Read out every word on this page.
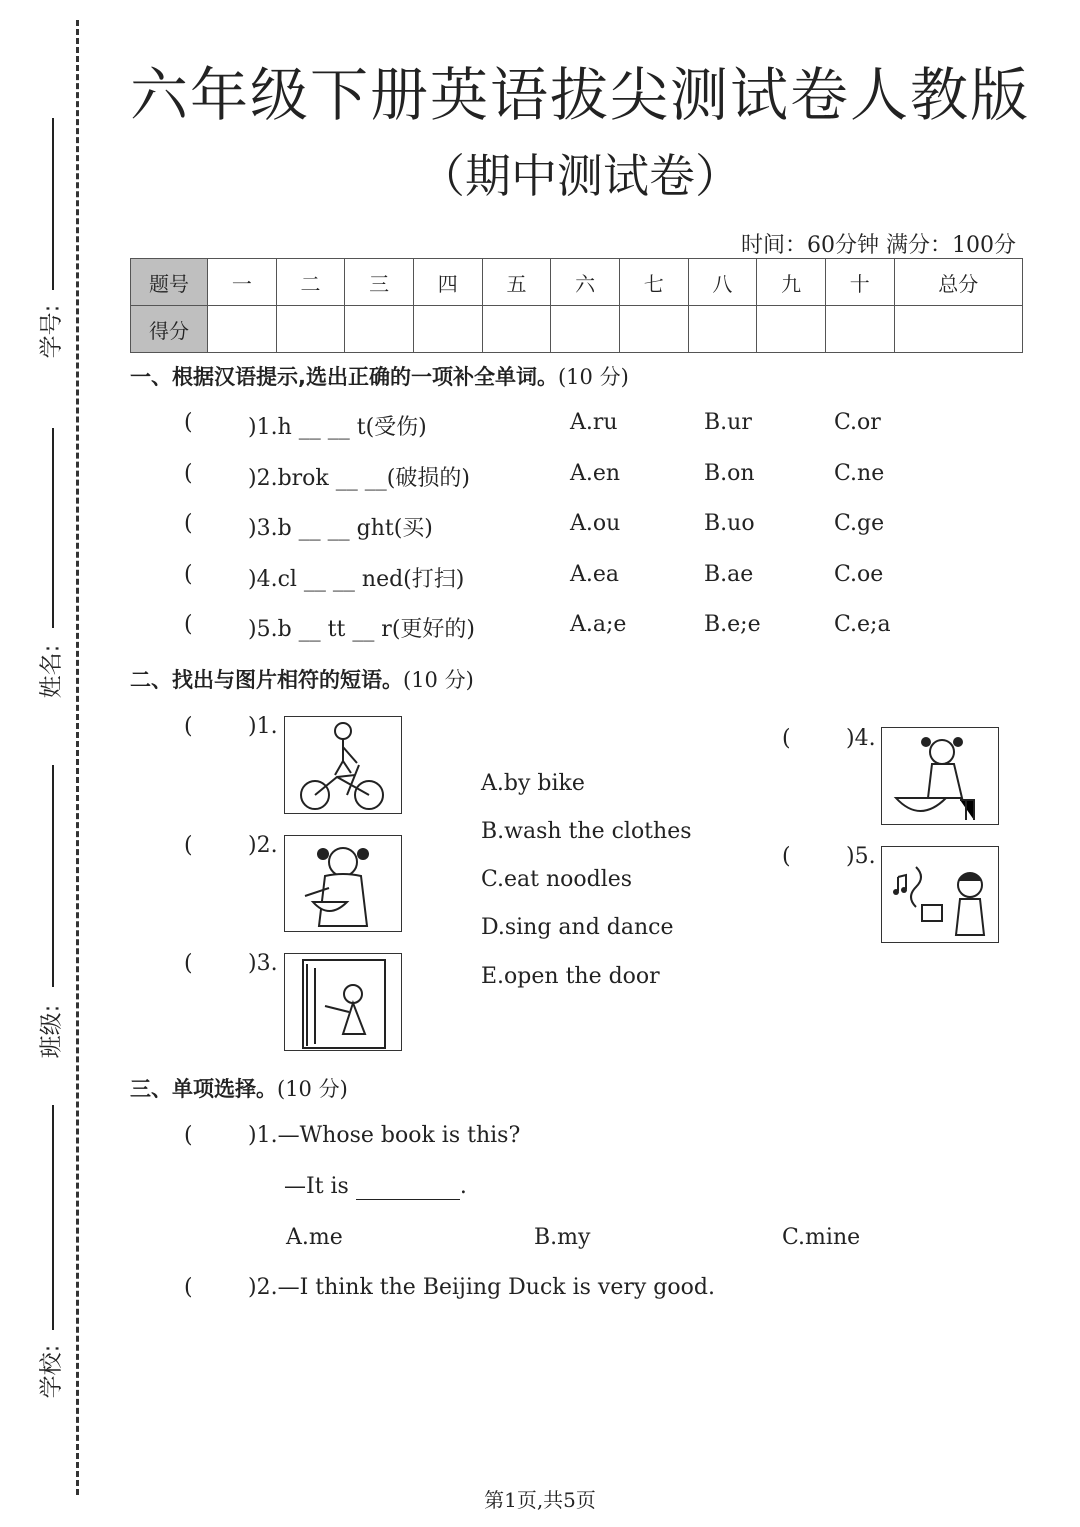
学号:
姓名:
班级:
学校:
六年级下册英语拔尖测试卷人教版
（期中测试卷）
时间：60分钟 满分：100分
题号	一	二	三	四	五	六	七	八	九	十	总分
得分											
一、根据汉语提示,选出正确的一项补全单词。(10 分)
(	)1.h __ __ t(受伤)	A.ru	B.ur	C.or
(	)2.brok __ __(破损的)	A.en	B.on	C.ne
(	)3.b __ __ ght(买)	A.ou	B.uo	C.ge
(	)4.cl __ __ ned(打扫)	A.ea	B.ae	C.oe
(	)5.b __ tt __ r(更好的)	A.a;e	B.e;e	C.e;a
二、找出与图片相符的短语。(10 分)
(	)1.
(	)2.
(	)3.
A.by bike
B.wash the clothes
C.eat noodles
D.sing and dance
E.open the door
(	)4.
(	)5.
三、单项选择。(10 分)
(	)1.—Whose book is this?
—It is	.
A.me	B.my	C.mine
(	)2.—I think the Beijing Duck is very good.
第1页,共5页
